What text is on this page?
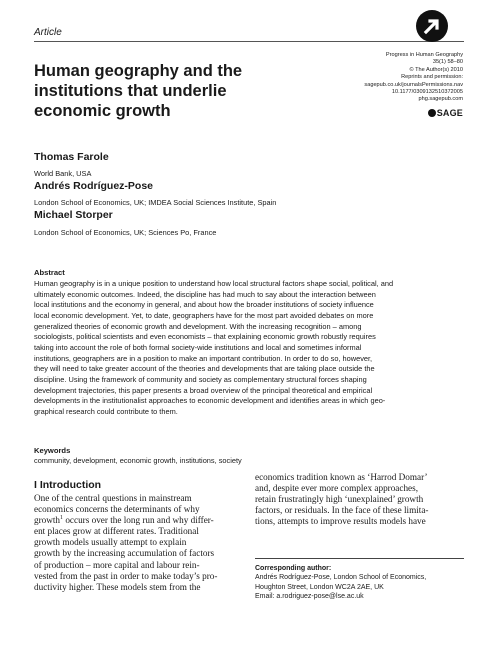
Article
Progress in Human Geography
35(1) 58–80
© The Author(s) 2010
Reprints and permission:
sagepub.co.uk/journalsPermissions.nav
10.1177/0309132510372005
phg.sagepub.com
SAGE
Human geography and the
institutions that underlie
economic growth
Thomas Farole
World Bank, USA
Andrés Rodríguez-Pose
London School of Economics, UK; IMDEA Social Sciences Institute, Spain
Michael Storper
London School of Economics, UK; Sciences Po, France
Abstract
Human geography is in a unique position to understand how local structural factors shape social, political, and
ultimately economic outcomes. Indeed, the discipline has had much to say about the interaction between
local institutions and the economy in general, and about how the broader institutions of society influence
local economic development. Yet, to date, geographers have for the most part avoided debates on more
generalized theories of economic growth and development. With the increasing recognition – among
sociologists, political scientists and even economists – that explaining economic growth robustly requires
taking into account the role of both formal society-wide institutions and local and sometimes informal
institutions, geographers are in a position to make an important contribution. In order to do so, however,
they will need to take greater account of the theories and developments that are taking place outside the
discipline. Using the framework of community and society as complementary structural forces shaping
development trajectories, this paper presents a broad overview of the principal theoretical and empirical
developments in the institutionalist approaches to economic development and identifies areas in which geo-
graphical research could contribute to them.
Keywords
community, development, economic growth, institutions, society
I Introduction
One of the central questions in mainstream
economics concerns the determinants of why
growth$^1$ occurs over the long run and why differ-
ent places grow at different rates. Traditional
growth models usually attempt to explain
growth by the increasing accumulation of factors
of production – more capital and labour rein-
vested from the past in order to make today’s pro-
ductivity higher. These models stem from the
economics tradition known as ‘Harrod Domar’
and, despite ever more complex approaches,
retain frustratingly high ‘unexplained’ growth
factors, or residuals. In the face of these limita-
tions, attempts to improve results models have
Corresponding author:
Andrés Rodríguez-Pose, London School of Economics,
Houghton Street, London WC2A 2AE, UK
Email: a.rodriguez-pose@lse.ac.uk
